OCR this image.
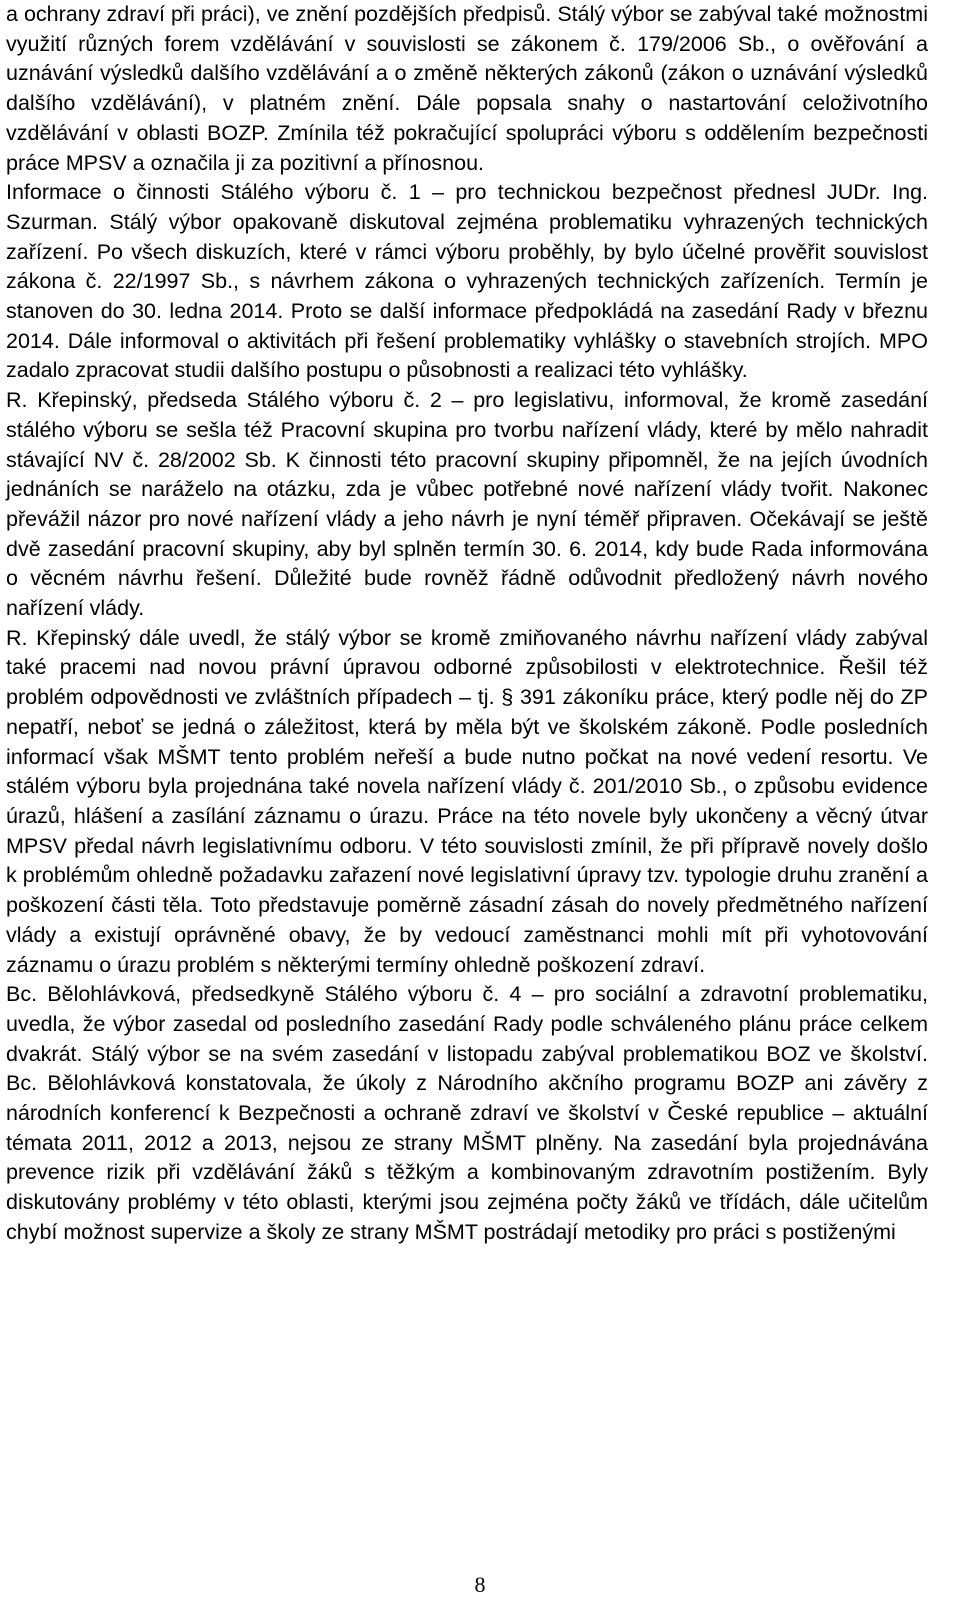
a ochrany zdraví při práci), ve znění pozdějších předpisů. Stálý výbor se zabýval také možnostmi využití různých forem vzdělávání v souvislosti se zákonem č. 179/2006 Sb., o ověřování a uznávání výsledků dalšího vzdělávání a o změně některých zákonů (zákon o uznávání výsledků dalšího vzdělávání), v platném znění. Dále popsala snahy o nastartování celoživotního vzdělávání v oblasti BOZP. Zmínila též pokračující spolupráci výboru s oddělením bezpečnosti práce MPSV a označila ji za pozitivní a přínosnou.

Informace o činnosti Stálého výboru č. 1 – pro technickou bezpečnost přednesl JUDr. Ing. Szurman. Stálý výbor opakovaně diskutoval zejména problematiku vyhrazených technických zařízení. Po všech diskuzích, které v rámci výboru proběhly, by bylo účelné prověřit souvislost zákona č. 22/1997 Sb., s návrhem zákona o vyhrazených technických zařízeních. Termín je stanoven do 30. ledna 2014. Proto se další informace předpokládá na zasedání Rady v březnu 2014. Dále informoval o aktivitách při řešení problematiky vyhlášky o stavebních strojích. MPO zadalo zpracovat studii dalšího postupu o působnosti a realizaci této vyhlášky.

R. Křepinský, předseda Stálého výboru č. 2 – pro legislativu, informoval, že kromě zasedání stálého výboru se sešla též Pracovní skupina pro tvorbu nařízení vlády, které by mělo nahradit stávající NV č. 28/2002 Sb. K činnosti této pracovní skupiny připomněl, že na jejích úvodních jednáních se naráželo na otázku, zda je vůbec potřebné nové nařízení vlády tvořit. Nakonec převážil názor pro nové nařízení vlády a jeho návrh je nyní téměř připraven. Očekávají se ještě dvě zasedání pracovní skupiny, aby byl splněn termín 30. 6. 2014, kdy bude Rada informována o věcném návrhu řešení. Důležité bude rovněž řádně odůvodnit předložený návrh nového nařízení vlády.

R. Křepinský dále uvedl, že stálý výbor se kromě zmiňovaného návrhu nařízení vlády zabýval také pracemi nad novou právní úpravou odborné způsobilosti v elektrotechnice. Řešil též problém odpovědnosti ve zvláštních případech – tj. § 391 zákoníku práce, který podle něj do ZP nepatří, neboť se jedná o záležitost, která by měla být ve školském zákoně. Podle posledních informací však MŠMT tento problém neřeší a bude nutno počkat na nové vedení resortu. Ve stálém výboru byla projednána také novela nařízení vlády č. 201/2010 Sb., o způsobu evidence úrazů, hlášení a zasílání záznamu o úrazu. Práce na této novele byly ukončeny a věcný útvar MPSV předal návrh legislativnímu odboru. V této souvislosti zmínil, že při přípravě novely došlo k problémům ohledně požadavku zařazení nové legislativní úpravy tzv. typologie druhu zranění a poškození části těla. Toto představuje poměrně zásadní zásah do novely předmětného nařízení vlády a existují oprávněné obavy, že by vedoucí zaměstnanci mohli mít při vyhotovování záznamu o úrazu problém s některými termíny ohledně poškození zdraví.

Bc. Bělohlávková, předsedkyně Stálého výboru č. 4 – pro sociální a zdravotní problematiku, uvedla, že výbor zasedal od posledního zasedání Rady podle schváleného plánu práce celkem dvakrát. Stálý výbor se na svém zasedání v listopadu zabýval problematikou BOZ ve školství. Bc. Bělohlávková konstatovala, že úkoly z Národního akčního programu BOZP ani závěry z národních konferencí k Bezpečnosti a ochraně zdraví ve školství v České republice – aktuální témata 2011, 2012 a 2013, nejsou ze strany MŠMT plněny. Na zasedání byla projednávána prevence rizik při vzdělávání žáků s těžkým a kombinovaným zdravotním postižením. Byly diskutovány problémy v této oblasti, kterými jsou zejména počty žáků ve třídách, dále učitelům chybí možnost supervize a školy ze strany MŠMT postrádají metodiky pro práci s postiženými

8
